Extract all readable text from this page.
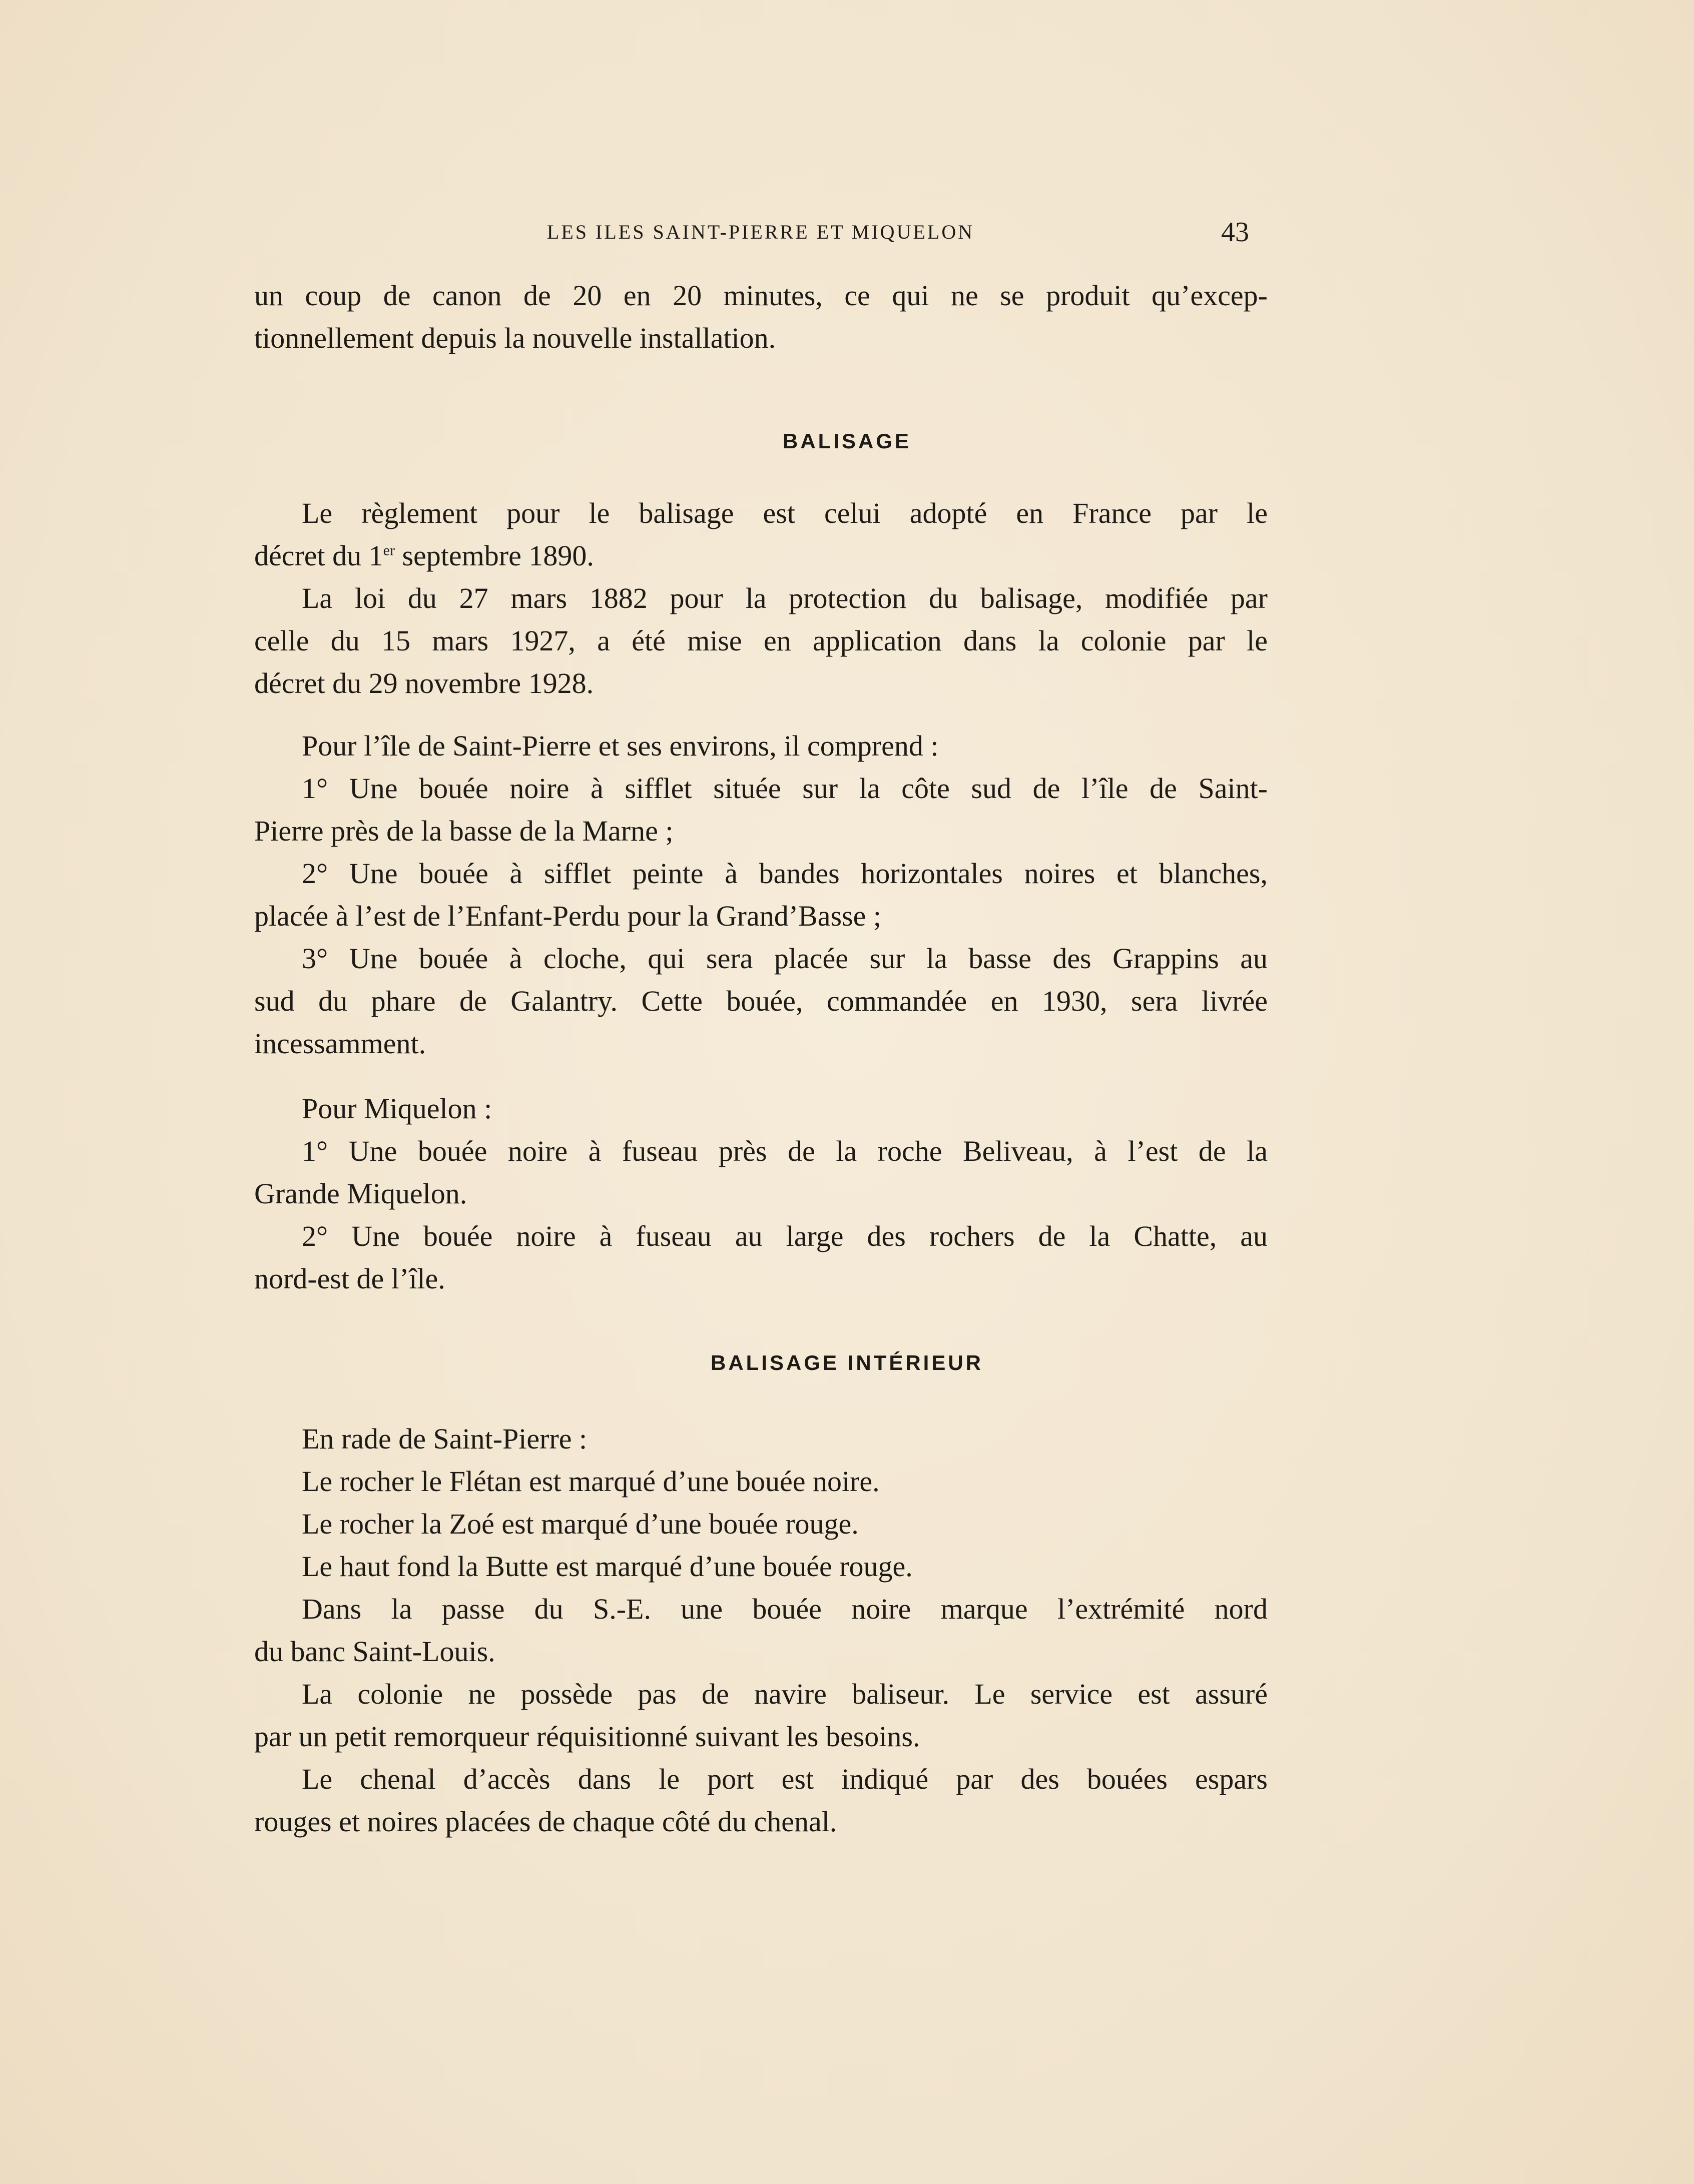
LES ILES SAINT-PIERRE ET MIQUELON	43
un coup de canon de 20 en 20 minutes, ce qui ne se produit qu’excep-
tionnellement depuis la nouvelle installation.
BALISAGE
Le règlement pour le balisage est celui adopté en France par le
décret du 1er septembre 1890.
La loi du 27 mars 1882 pour la protection du balisage, modifiée par
celle du 15 mars 1927, a été mise en application dans la colonie par le
décret du 29 novembre 1928.
Pour l’île de Saint-Pierre et ses environs, il comprend :
1° Une bouée noire à sifflet située sur la côte sud de l’île de Saint-
Pierre près de la basse de la Marne ;
2° Une bouée à sifflet peinte à bandes horizontales noires et blanches,
placée à l’est de l’Enfant-Perdu pour la Grand’Basse ;
3° Une bouée à cloche, qui sera placée sur la basse des Grappins au
sud du phare de Galantry. Cette bouée, commandée en 1930, sera livrée
incessamment.
Pour Miquelon :
1° Une bouée noire à fuseau près de la roche Beliveau, à l’est de la
Grande Miquelon.
2° Une bouée noire à fuseau au large des rochers de la Chatte, au
nord-est de l’île.
BALISAGE INTÉRIEUR
En rade de Saint-Pierre :
Le rocher le Flétan est marqué d’une bouée noire.
Le rocher la Zoé est marqué d’une bouée rouge.
Le haut fond la Butte est marqué d’une bouée rouge.
Dans la passe du S.-E. une bouée noire marque l’extrémité nord
du banc Saint-Louis.
La colonie ne possède pas de navire baliseur. Le service est assuré
par un petit remorqueur réquisitionné suivant les besoins.
Le chenal d’accès dans le port est indiqué par des bouées espars
rouges et noires placées de chaque côté du chenal.
